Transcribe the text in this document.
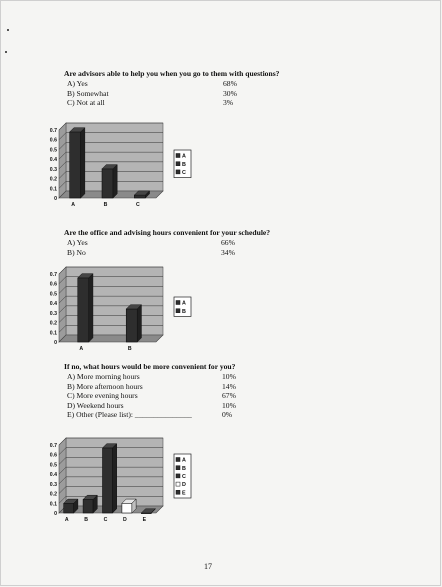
Are advisors able to help you when you go to them with questions?
A) Yes	68%
B) Somewhat	30%
C) Not at all	3%
0
0.1
0.2
0.3
0.4
0.5
0.6
0.7
A	B	C
A
B
C
Are the office and advising hours convenient for your schedule?
A) Yes	66%
B) No	34%
0
0.1
0.2
0.3
0.4
0.5
0.6
0.7
A	B
A
B
If no, what hours would be more convenient for you?
A) More morning hours	10%
B) More afternoon hours	14%
C) More evening hours	67%
D) Weekend hours	10%
E) Other (Please list): _______________	0%
0
0.1
0.2
0.3
0.4
0.5
0.6
0.7
A	B	C	D	E
A
B
C
D
E
17
